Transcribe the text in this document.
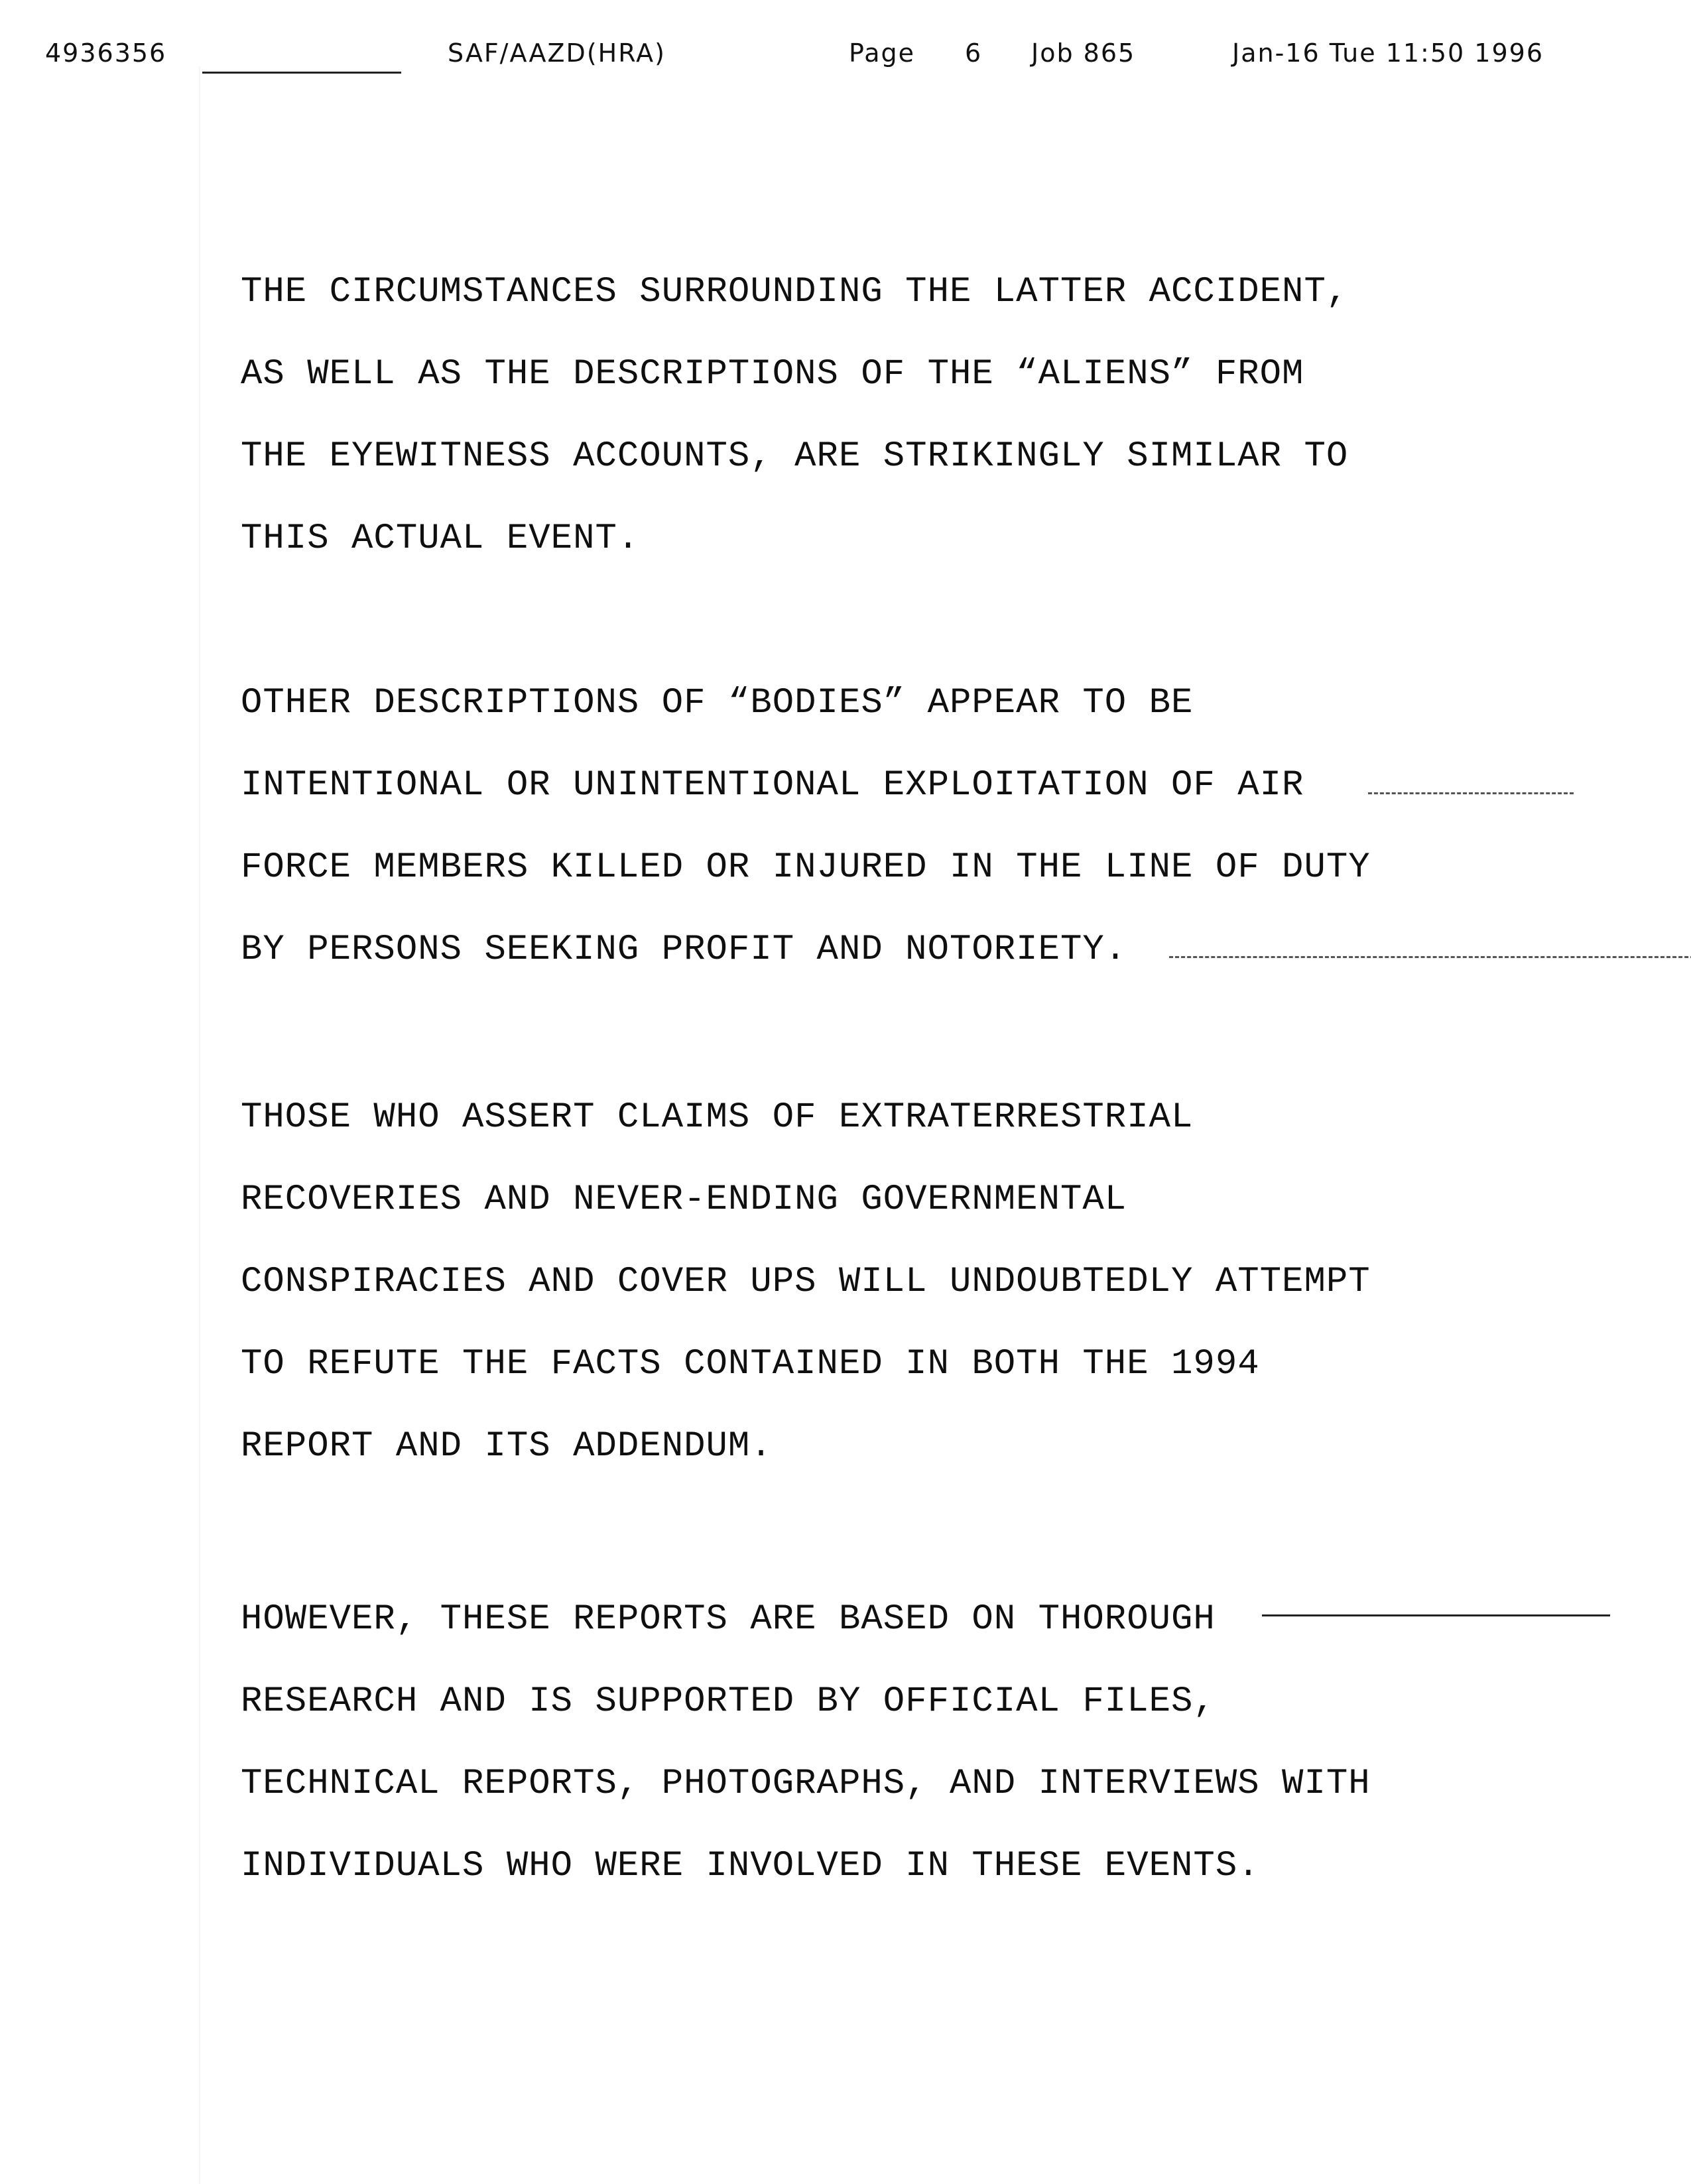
4936356	SAF/AAZD(HRA)	Page 6 Job 865	Jan-16 Tue 11:50 1996
THE CIRCUMSTANCES SURROUNDING THE LATTER ACCIDENT,
AS WELL AS THE DESCRIPTIONS OF THE “ALIENS” FROM
THE EYEWITNESS ACCOUNTS, ARE STRIKINGLY SIMILAR TO
THIS ACTUAL EVENT.
OTHER DESCRIPTIONS OF “BODIES” APPEAR TO BE
INTENTIONAL OR UNINTENTIONAL EXPLOITATION OF AIR
FORCE MEMBERS KILLED OR INJURED IN THE LINE OF DUTY
BY PERSONS SEEKING PROFIT AND NOTORIETY.
THOSE WHO ASSERT CLAIMS OF EXTRATERRESTRIAL
RECOVERIES AND NEVER-ENDING GOVERNMENTAL
CONSPIRACIES AND COVER UPS WILL UNDOUBTEDLY ATTEMPT
TO REFUTE THE FACTS CONTAINED IN BOTH THE 1994
REPORT AND ITS ADDENDUM.
HOWEVER, THESE REPORTS ARE BASED ON THOROUGH
RESEARCH AND IS SUPPORTED BY OFFICIAL FILES,
TECHNICAL REPORTS, PHOTOGRAPHS, AND INTERVIEWS WITH
INDIVIDUALS WHO WERE INVOLVED IN THESE EVENTS.
